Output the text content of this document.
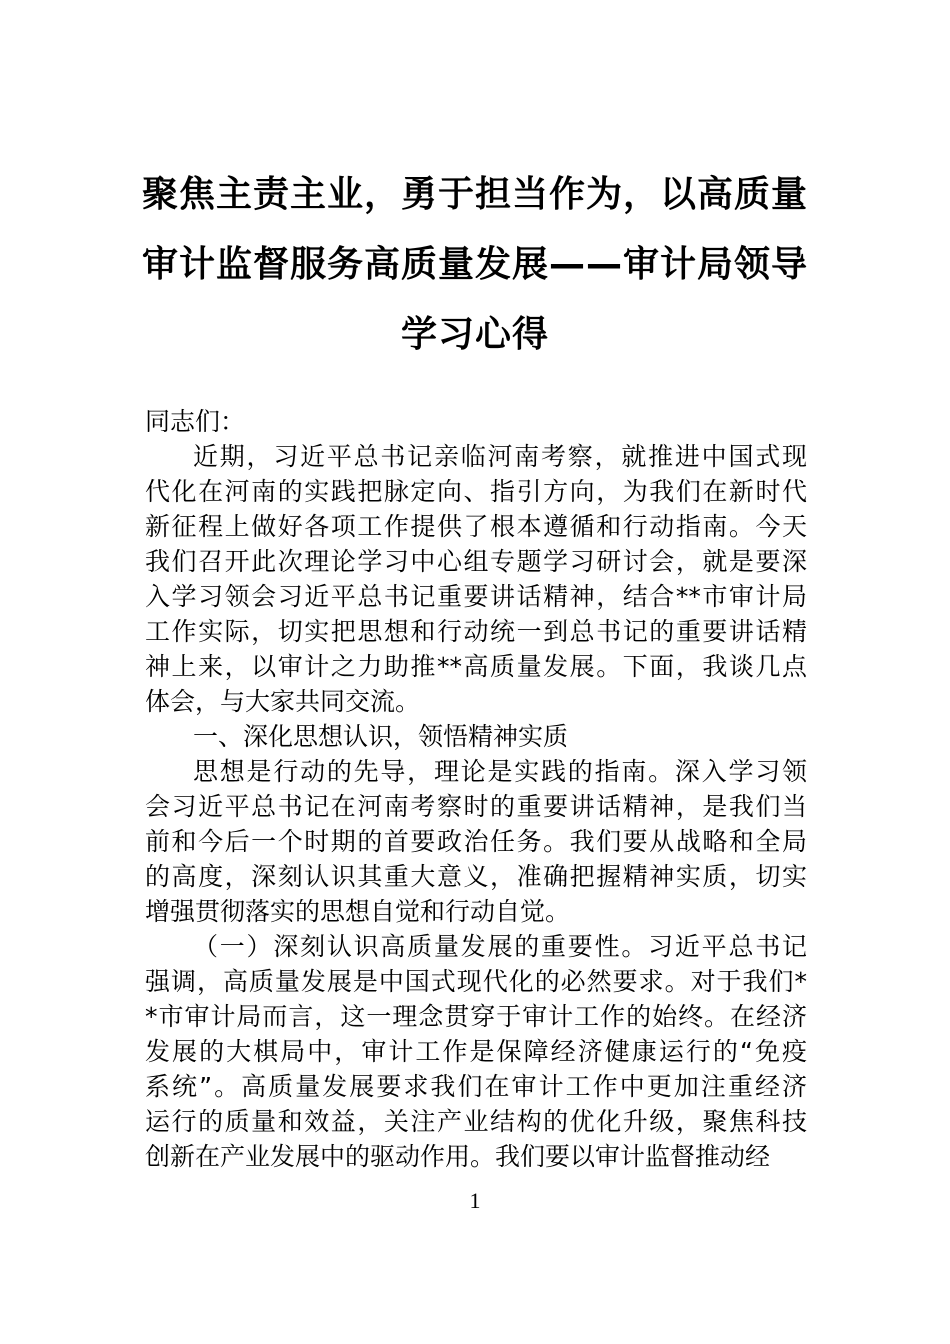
聚焦主责主业，勇于担当作为，以高质量
审计监督服务高质量发展——审计局领导
学习心得
同志们：
近期，习近平总书记亲临河南考察，就推进中国式现
代化在河南的实践把脉定向、指引方向，为我们在新时代
新征程上做好各项工作提供了根本遵循和行动指南。今天
我们召开此次理论学习中心组专题学习研讨会，就是要深
入学习领会习近平总书记重要讲话精神，结合**市审计局
工作实际，切实把思想和行动统一到总书记的重要讲话精
神上来，以审计之力助推**高质量发展。下面，我谈几点
体会，与大家共同交流。
一、深化思想认识，领悟精神实质
思想是行动的先导，理论是实践的指南。深入学习领
会习近平总书记在河南考察时的重要讲话精神，是我们当
前和今后一个时期的首要政治任务。我们要从战略和全局
的高度，深刻认识其重大意义，准确把握精神实质，切实
增强贯彻落实的思想自觉和行动自觉。
（一）深刻认识高质量发展的重要性。习近平总书记
强调，高质量发展是中国式现代化的必然要求。对于我们*
*市审计局而言，这一理念贯穿于审计工作的始终。在经济
发展的大棋局中，审计工作是保障经济健康运行的“免疫
系统”。高质量发展要求我们在审计工作中更加注重经济
运行的质量和效益，关注产业结构的优化升级，聚焦科技
创新在产业发展中的驱动作用。我们要以审计监督推动经
1
